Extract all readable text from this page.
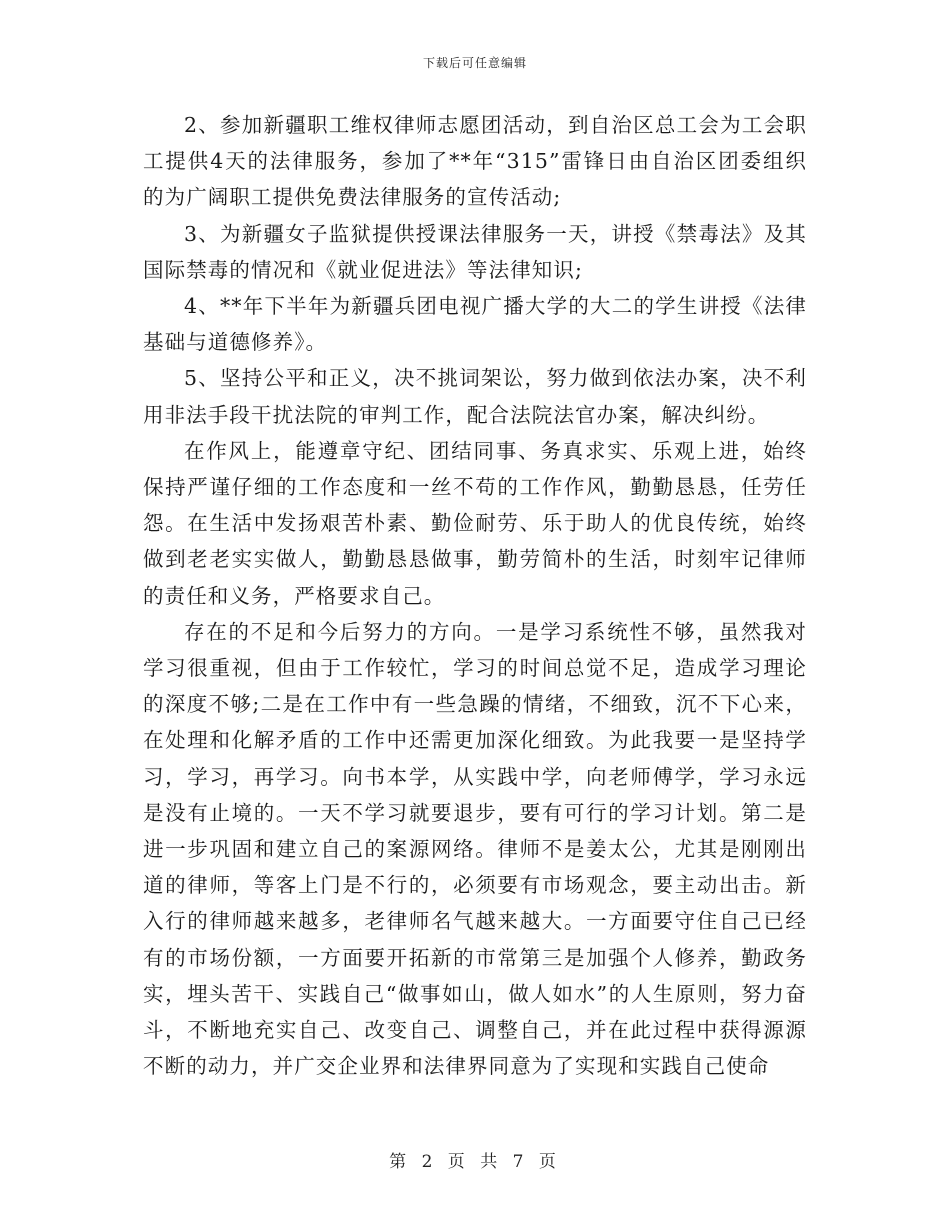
下载后可任意编辑

2、参加新疆职工维权律师志愿团活动，到自治区总工会为工会职工提供4天的法律服务，参加了**年“315”雷锋日由自治区团委组织的为广阔职工提供免费法律服务的宣传活动;

3、为新疆女子监狱提供授课法律服务一天，讲授《禁毒法》及其国际禁毒的情况和《就业促进法》等法律知识;

4、**年下半年为新疆兵团电视广播大学的大二的学生讲授《法律基础与道德修养》。

5、坚持公平和正义，决不挑词架讼，努力做到依法办案，决不利用非法手段干扰法院的审判工作，配合法院法官办案，解决纠纷。

在作风上，能遵章守纪、团结同事、务真求实、乐观上进，始终保持严谨仔细的工作态度和一丝不苟的工作作风，勤勤恳恳，任劳任怨。在生活中发扬艰苦朴素、勤俭耐劳、乐于助人的优良传统，始终做到老老实实做人，勤勤恳恳做事，勤劳简朴的生活，时刻牢记律师的责任和义务，严格要求自己。

存在的不足和今后努力的方向。一是学习系统性不够，虽然我对学习很重视，但由于工作较忙，学习的时间总觉不足，造成学习理论的深度不够;二是在工作中有一些急躁的情绪，不细致，沉不下心来，在处理和化解矛盾的工作中还需更加深化细致。为此我要一是坚持学习，学习，再学习。向书本学，从实践中学，向老师傅学，学习永远是没有止境的。一天不学习就要退步，要有可行的学习计划。第二是进一步巩固和建立自己的案源网络。律师不是姜太公，尤其是刚刚出道的律师，等客上门是不行的，必须要有市场观念，要主动出击。新入行的律师越来越多，老律师名气越来越大。一方面要守住自己已经有的市场份额，一方面要开拓新的市常第三是加强个人修养，勤政务实，埋头苦干、实践自己“做事如山，做人如水”的人生原则，努力奋斗，不断地充实自己、改变自己、调整自己，并在此过程中获得源源不断的动力，并广交企业界和法律界同意为了实现和实践自己使命

第 2 页 共 7 页
